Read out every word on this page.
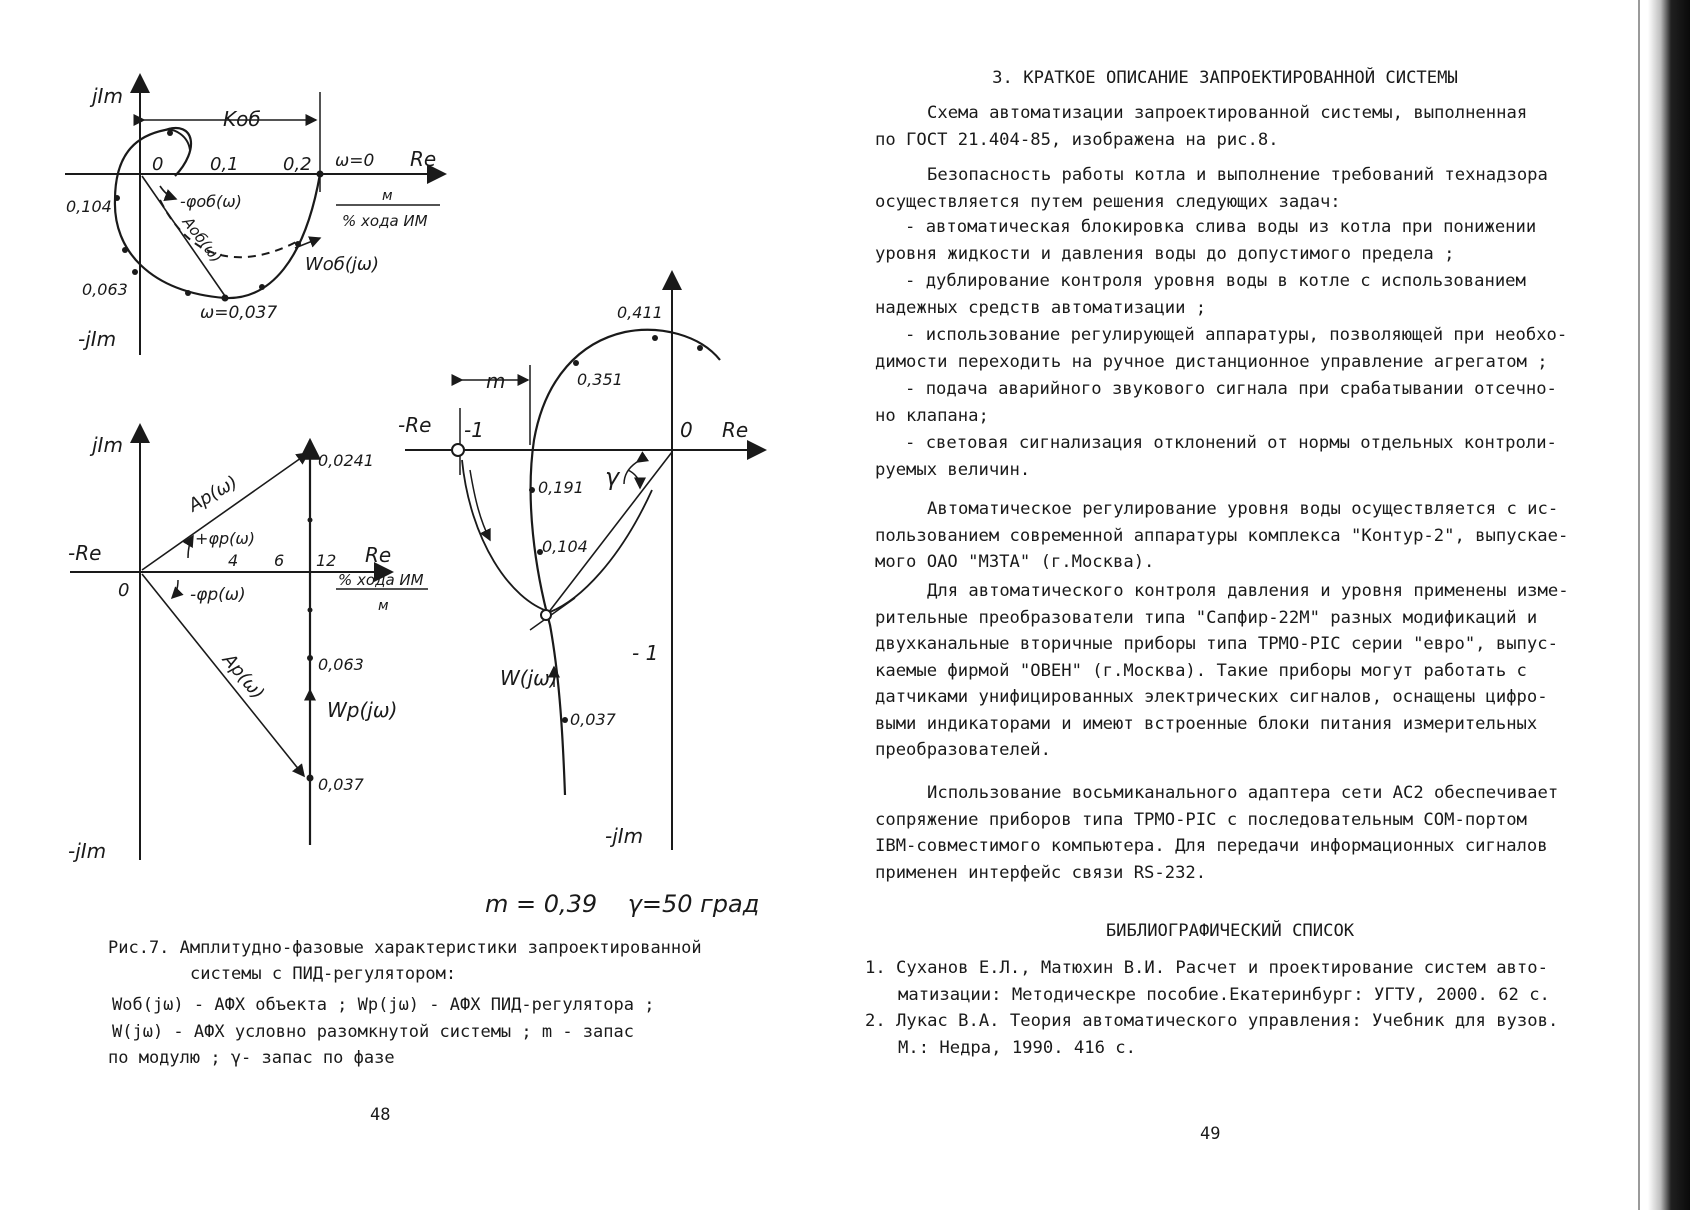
jIm
-jIm
Re
Kоб
0	0,1 0,2 ω=0
0,104
0,063
ω=0,037
-φоб(ω)
Aоб(ω)	Wоб(jω)
м
% хода ИМ
jIm
-jIm
-Re	Re
0
4 6 12
0,0241
0,063
0,037
Ap(ω)
Ap(ω)
+φp(ω)
-φp(ω)
Wp(jω)
% хода ИМ
м
-Re -1	0 Re
m
γ
0,411
0,351
0,191
0,104
0,037
W(jω)
- 1
-jIm
m = 0,39    γ=50 град
Рис.7. Амплитудно-фазовые характеристики запроектированной
системы с ПИД-регулятором:
Wоб(jω) - АФХ объекта ; Wp(jω) - АФХ ПИД-регулятора ;
W(jω) - АФХ условно разомкнутой системы ; m - запас
по модулю ; γ- запас по фазе
48
3. КРАТКОЕ ОПИСАНИЕ ЗАПРОЕКТИРОВАННОЙ СИСТЕМЫ
Схема автоматизации запроектированной системы, выполненная
по ГОСТ 21.404-85, изображена на рис.8.
Безопасность работы котла и выполнение требований технадзора
осуществляется путем решения следующих задач:
- автоматическая блокировка слива воды из котла при понижении
уровня жидкости и давления воды до допустимого предела ;
- дублирование контроля уровня воды в котле с использованием
надежных средств автоматизации ;
- использование регулирующей аппаратуры, позволяющей при необхо-
димости переходить на ручное дистанционное управление агрегатом ;
- подача аварийного звукового сигнала при срабатывании отсечно-
но клапана;
- световая сигнализация отклонений от нормы отдельных контроли-
руемых величин.
Автоматическое регулирование уровня воды осуществляется с ис-
пользованием современной аппаратуры комплекса "Контур-2", выпускае-
мого ОАО "МЗТА" (г.Москва).
Для автоматического контроля давления и уровня применены изме-
рительные преобразователи типа "Сапфир-22М" разных модификаций и
двухканальные вторичные приборы типа ТРМО-PIC серии "евро", выпус-
каемые фирмой "ОВЕН" (г.Москва). Такие приборы могут работать с
датчиками унифицированных электрических сигналов, оснащены цифро-
выми индикаторами и имеют встроенные блоки питания измерительных
преобразователей.
Использование восьмиканального адаптера сети АС2 обеспечивает
сопряжение приборов типа ТРМО-PIC с последовательным СОМ-портом
IBM-совместимого компьютера. Для передачи информационных сигналов
применен интерфейс связи RS-232.
БИБЛИОГРАФИЧЕСКИЙ СПИСОК
1. Суханов Е.Л., Матюхин В.И. Расчет и проектирование систем авто-
матизации: Методическре пособие.Екатеринбург: УГТУ, 2000. 62 с.
2. Лукас В.А. Теория автоматического управления: Учебник для вузов.
М.: Недра, 1990. 416 с.
49
